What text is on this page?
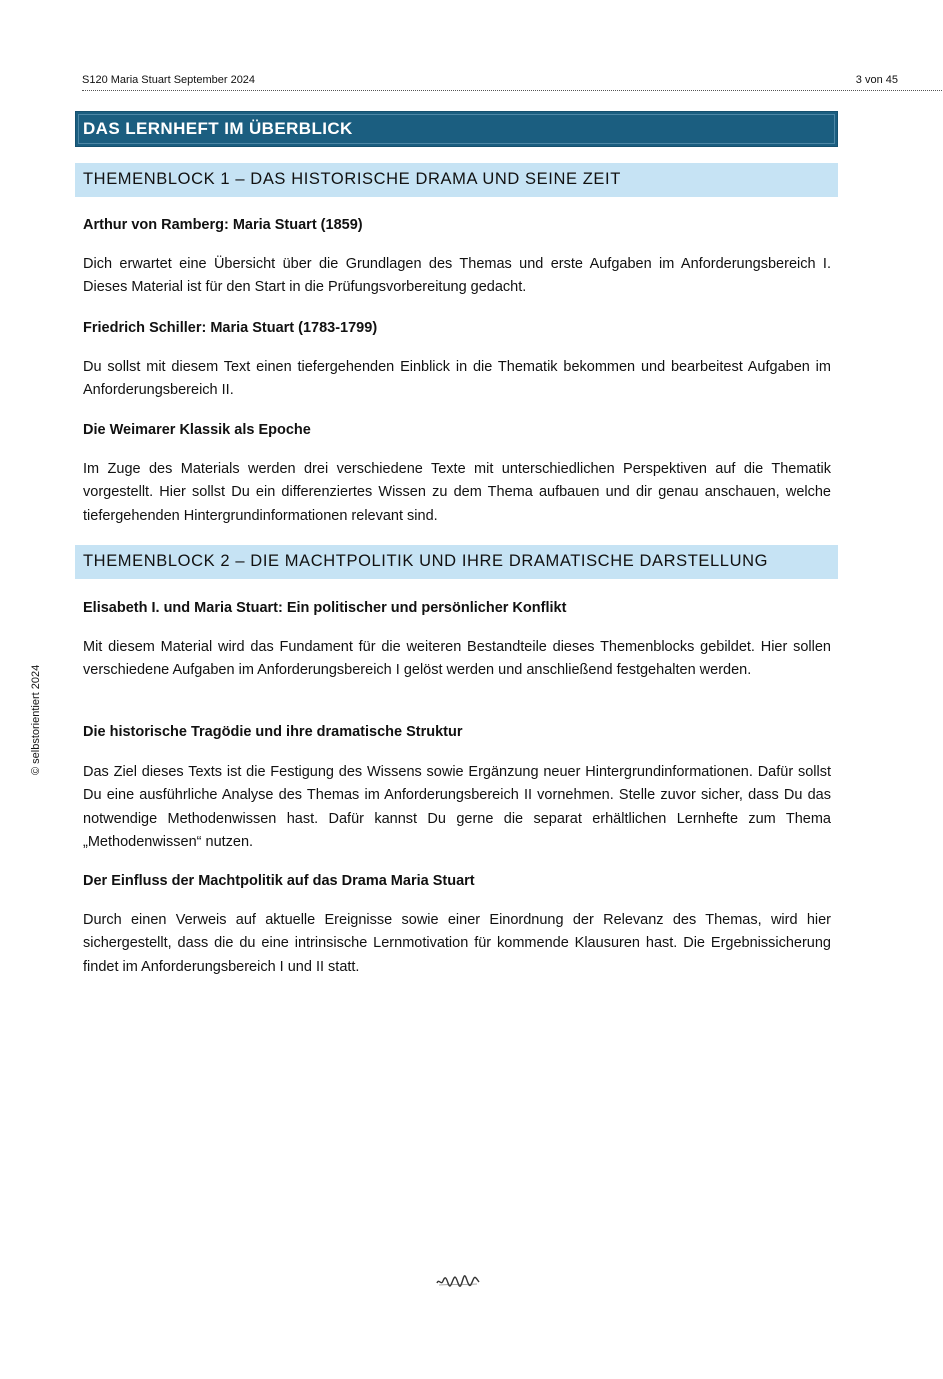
S120 Maria Stuart September 2024	3 von 45
DAS LERNHEFT IM ÜBERBLICK
THEMENBLOCK 1 – DAS HISTORISCHE DRAMA UND SEINE ZEIT

Arthur von Ramberg: Maria Stuart (1859)

Dich erwartet eine Übersicht über die Grundlagen des Themas und erste Aufgaben im Anforderungsbereich I. Dieses Material ist für den Start in die Prüfungsvorbereitung gedacht.

Friedrich Schiller: Maria Stuart (1783-1799)

Du sollst mit diesem Text einen tiefergehenden Einblick in die Thematik bekommen und bearbeitest Aufgaben im Anforderungsbereich II.

Die Weimarer Klassik als Epoche

Im Zuge des Materials werden drei verschiedene Texte mit unterschiedlichen Perspektiven auf die Thematik vorgestellt. Hier sollst Du ein differenziertes Wissen zu dem Thema aufbauen und dir genau anschauen, welche tiefergehenden Hintergrundinformationen relevant sind.

THEMENBLOCK 2 – DIE MACHTPOLITIK UND IHRE DRAMATISCHE DARSTELLUNG

Elisabeth I. und Maria Stuart: Ein politischer und persönlicher Konflikt

Mit diesem Material wird das Fundament für die weiteren Bestandteile dieses Themenblocks gebildet. Hier sollen verschiedene Aufgaben im Anforderungsbereich I gelöst werden und anschließend festgehalten werden.

Die historische Tragödie und ihre dramatische Struktur

Das Ziel dieses Texts ist die Festigung des Wissens sowie Ergänzung neuer Hintergrundinformationen. Dafür sollst Du eine ausführliche Analyse des Themas im Anforderungsbereich II vornehmen. Stelle zuvor sicher, dass Du das notwendige Methodenwissen hast. Dafür kannst Du gerne die separat erhältlichen Lernhefte zum Thema „Methodenwissen“ nutzen.

Der Einfluss der Machtpolitik auf das Drama Maria Stuart

Durch einen Verweis auf aktuelle Ereignisse sowie einer Einordnung der Relevanz des Themas, wird hier sichergestellt, dass die du eine intrinsische Lernmotivation für kommende Klausuren hast. Die Ergebnissicherung findet im Anforderungsbereich I und II statt.

© selbstorientiert 2024
